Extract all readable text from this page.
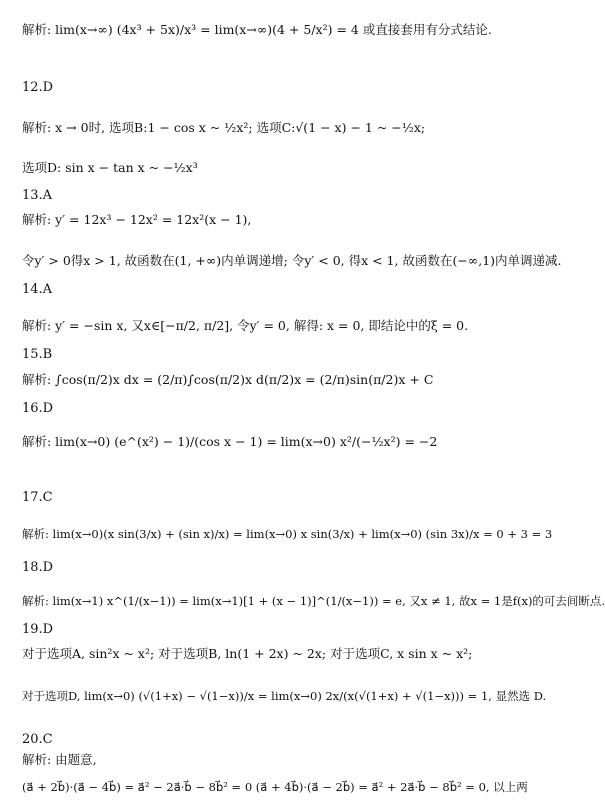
解析: lim(x→∞) (4x³ + 5x)/x³ = lim(x→∞)(4 + 5/x²) = 4 或直接套用有分式结论.
12.D
解析: x → 0时, 选项B:1 − cos x ~ ½x²; 选项C:√(1 − x) − 1 ~ −½x;
选项D: sin x − tan x ~ −½x³
13.A
解析: y′ = 12x³ − 12x² = 12x²(x − 1),
令y′ > 0得x > 1, 故函数在(1, +∞)内单调递增; 令y′ < 0, 得x < 1, 故函数在(−∞,1)内单调递减.
14.A
解析: y′ = −sin x, 又x∈[−π/2, π/2], 令y′ = 0, 解得: x = 0, 即结论中的ξ = 0.
15.B
解析: ∫cos(π/2)x dx = (2/π)∫cos(π/2)x d(π/2)x = (2/π)sin(π/2)x + C
16.D
解析: lim(x→0) (e^(x²) − 1)/(cos x − 1) = lim(x→0) x²/(−½x²) = −2
17.C
解析: lim(x→0)(x sin(3/x) + (sin x)/x) = lim(x→0) x sin(3/x) + lim(x→0) (sin 3x)/x = 0 + 3 = 3
18.D
解析: lim(x→1) x^(1/(x−1)) = lim(x→1)[1 + (x − 1)]^(1/(x−1)) = e, 又x ≠ 1, 故x = 1是f(x)的可去间断点.
19.D
对于选项A, sin²x ~ x²; 对于选项B, ln(1 + 2x) ~ 2x; 对于选项C, x sin x ~ x²;
对于选项D, lim(x→0) (√(1+x) − √(1−x))/x = lim(x→0) 2x/(x(√(1+x) + √(1−x))) = 1, 显然选 D.
20.C
解析: 由题意,
(a⃗ + 2b⃗)·(a⃗ − 4b⃗) = a⃗² − 2a⃗·b⃗ − 8b⃗² = 0 (a⃗ + 4b⃗)·(a⃗ − 2b⃗) = a⃗² + 2a⃗·b⃗ − 8b⃗² = 0, 以上两
